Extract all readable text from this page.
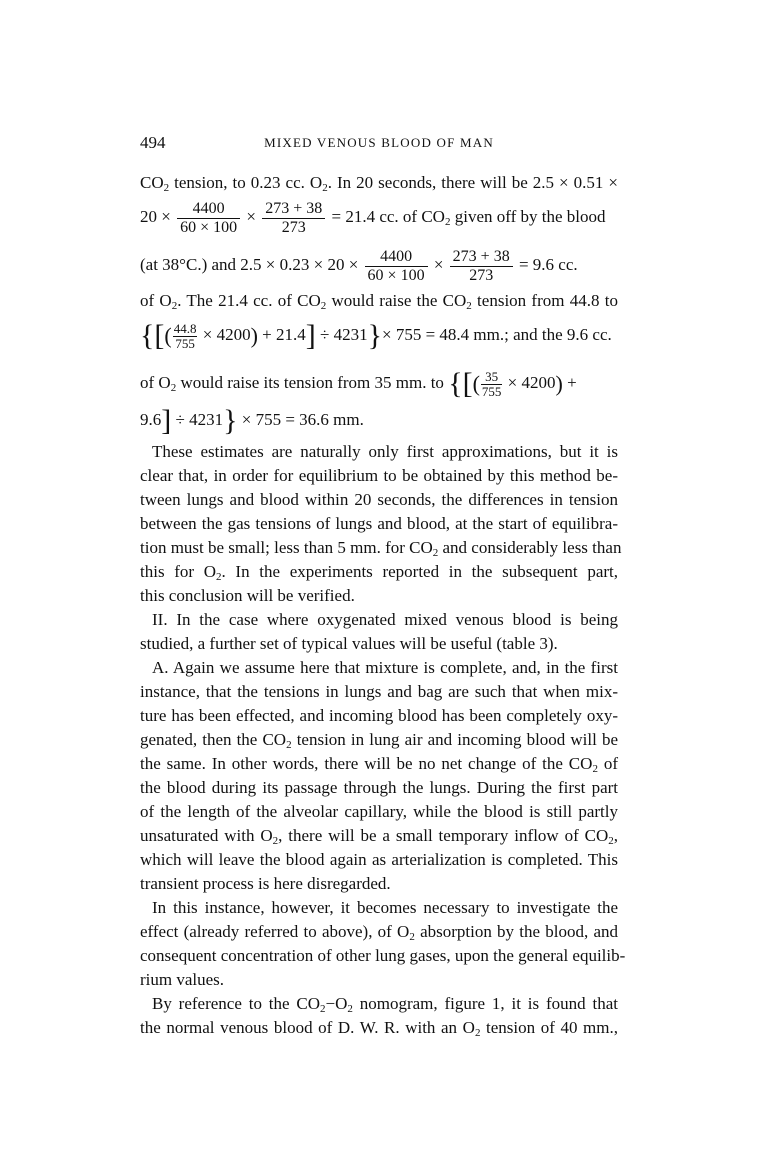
494	MIXED VENOUS BLOOD OF MAN
$CO_2$ tension, to 0.23 cc. $O_2$. In 20 seconds, there will be 2.5 × 0.51 ×
$20 \times \frac{4400}{60 \times 100} \times \frac{273 + 38}{273} = 21.4$ cc. of $CO_2$ given off by the blood
(at 38°C.) and $2.5 \times 0.23 \times 20 \times \frac{4400}{60 \times 100} \times \frac{273 + 38}{273} = 9.6$ cc.
of $O_2$. The 21.4 cc. of $CO_2$ would raise the $CO_2$ tension from 44.8 to
{[( $\frac{44.8}{755} \times 4200) + 21.4] \div 4231\}\times 755 = 48.4$ mm.; and the 9.6 cc.
of $O_2$ would raise its tension from 35 mm. to {[( $\frac{35}{755} \times 4200$) +
9.6] ÷ 4231} × 755 = 36.6 mm.
These estimates are naturally only first approximations, but it is
clear that, in order for equilibrium to be obtained by this method be-
tween lungs and blood within 20 seconds, the differences in tension
between the gas tensions of lungs and blood, at the start of equilibra-
tion must be small; less than 5 mm. for $CO_2$ and considerably less than
this for $O_2$. In the experiments reported in the subsequent part,
this conclusion will be verified.
II. In the case where oxygenated mixed venous blood is being
studied, a further set of typical values will be useful (table 3).
A. Again we assume here that mixture is complete, and, in the first
instance, that the tensions in lungs and bag are such that when mix-
ture has been effected, and incoming blood has been completely oxy-
genated, then the $CO_2$ tension in lung air and incoming blood will be
the same. In other words, there will be no net change of the $CO_2$ of
the blood during its passage through the lungs. During the first part
of the length of the alveolar capillary, while the blood is still partly
unsaturated with $O_2$, there will be a small temporary inflow of $CO_2$,
which will leave the blood again as arterialization is completed. This
transient process is here disregarded.
In this instance, however, it becomes necessary to investigate the
effect (already referred to above), of $O_2$ absorption by the blood, and
consequent concentration of other lung gases, upon the general equilib-
rium values.
By reference to the $CO_2-O_2$ nomogram, figure 1, it is found that
the normal venous blood of D. W. R. with an $O_2$ tension of 40 mm.,
